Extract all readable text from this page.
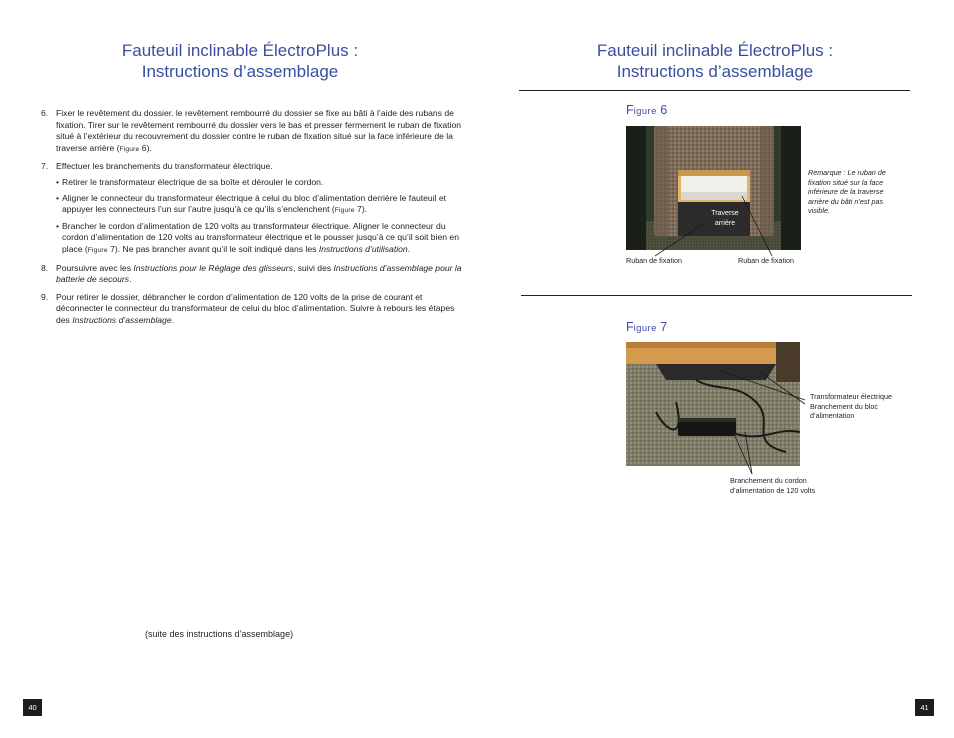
Fauteuil inclinable ÉlectroPlus :
Instructions d’assemblage
6. Fixer le revêtement du dossier. le revêtement rembourré du dossier se fixe au bâti à l’aide des rubans de fixation. Tirer sur le revêtement rembourré du dossier vers le bas et presser fermement le ruban de fixation situé à l’extérieur du recouvrement du dossier contre le ruban de fixation situé sur la face inférieure de la traverse arrière (Figure 6).
7. Effectuer les branchements du transformateur électrique.
• Retirer le transformateur électrique de sa boîte et dérouler le cordon.
• Aligner le connecteur du transformateur électrique à celui du bloc d’alimentation derrière le fauteuil et appuyer les connecteurs l’un sur l’autre jusqu’à ce qu’ils s’enclenchent (Figure 7).
• Brancher le cordon d’alimentation de 120 volts au transformateur électrique. Aligner le connecteur du cordon d’alimentation de 120 volts au transformateur électrique et le pousser jusqu’à ce qu’il soit bien en place (Figure 7). Ne pas brancher avant qu’il le soit indiqué dans les Instructions d’utilisation.
8. Poursuivre avec les Instructions pour le Réglage des glisseurs, suivi des Instructions d’assemblage pour la batterie de secours.
9. Pour retirer le dossier, débrancher le cordon d’alimentation de 120 volts de la prise de courant et déconnecter le connecteur du transformateur de celui du bloc d’alimentation. Suivre à rebours les étapes des Instructions d’assemblage.
(suite des instructions d’assemblage)
40
Fauteuil inclinable ÉlectroPlus :
Instructions d’assemblage
Figure 6
Traverse
arrière
Remarque : Le ruban de fixation situé sur la face inférieure de la traverse arrière du bâti n’est pas visible.
Ruban de fixation	Ruban de fixation
Figure 7
Transformateur électrique
Branchement du bloc d’alimentation
Branchement du cordon
d’alimentation de 120 volts
41
